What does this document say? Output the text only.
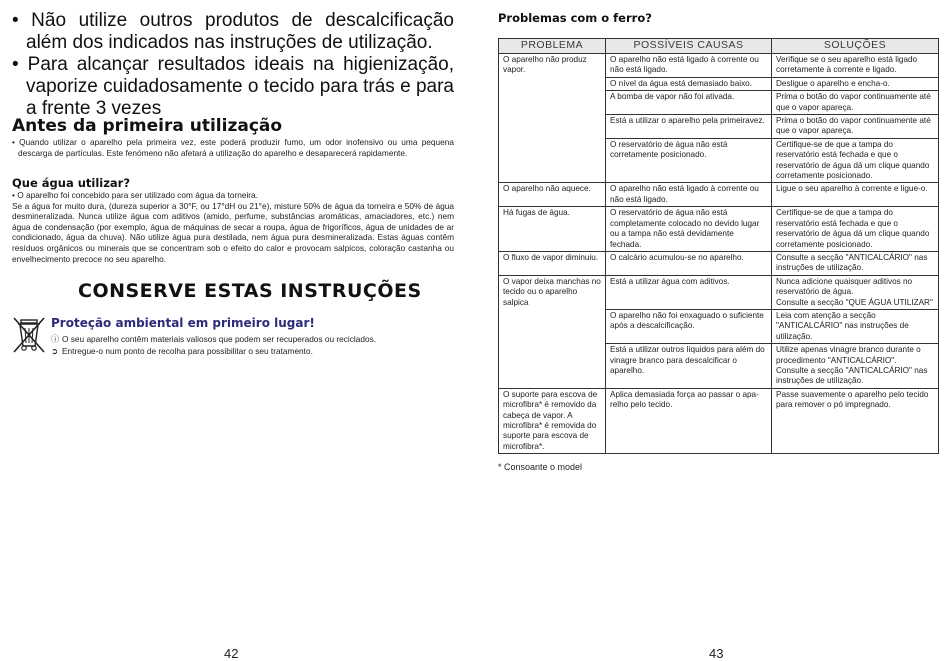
• Não utilize outros produtos de descalcificação além dos indicados nas instruções de utilização.

• Para alcançar resultados ideais na higienização, vaporize cuidadosamente o tecido para trás e para a frente 3 vezes

Antes da primeira utilização

• Quando utilizar o aparelho pela primeira vez, este poderá produzir fumo, um odor inofensivo ou uma pequena descarga de partículas. Este fenómeno não afetará a utilização do aparelho e desaparecerá rapidamente.

Que água utilizar?

• O aparelho foi concebido para ser utilizado com água da torneira.

Se a água for muito dura, (dureza superior a 30°F, ou 17°dH ou 21°e), misture 50% de água da torneira e 50% de água desmineralizada. Nunca utilize água com aditivos (amido, perfume, substâncias aromáticas, amaciadores, etc.) nem água de condensação (por exemplo, água de máquinas de secar a roupa, água de frigoríficos, água de unidades de ar condicionado, água da chuva). Não utilize água pura destilada, nem água pura desmineralizada. Estas águas contêm resíduos orgânicos ou minerais que se concentram sob o efeito do calor e provocam salpicos, coloração castanha ou envelhecimento precoce no seu aparelho.

CONSERVE ESTAS INSTRUÇÕES

Proteção ambiental em primeiro lugar!

ⓘ O seu aparelho contêm materiais valiosos que podem ser recuperados ou reciclados.

➲ Entregue-o num ponto de recolha para possibilitar o seu tratamento.

42

Problemas com o ferro?
PROBLEMA	POSSÍVEIS CAUSAS	SOLUÇÕES
O aparelho não produz vapor.	O aparelho não está ligado à corrente ou não está ligado.	Verifique se o seu aparelho está ligado corretamente à corrente e ligado.
	O nível da água está demasiado baixo.	Desligue o aparelho e encha-o.
	A bomba de vapor não foi ativada.	Prima o botão do vapor continuamente até que o vapor apareça.
	Está a utilizar o aparelho pela primeiravez.	Prima o botão do vapor continuamente até que o vapor apareça.
	O reservatório de água não está corretamente posicionado.	Certifique-se de que a tampa do reservatório está fechada e que o reservatório de água dá um clique quando corretamente posicionado.
O aparelho não aquece.	O aparelho não está ligado à corrente ou não está ligado.	Ligue o seu aparelho à corrente e ligue-o.
Há fugas de água.	O reservatório de água não está completamente colocado no devido lugar ou a tampa não está devidamente fechada.	Certifique-se de que a tampa do reservatório está fechada e que o reservatório de água dá um clique quando corretamente posicionado.
O fluxo de vapor diminuiu.	O calcário acumulou-se no aparelho.	Consulte a secção "ANTICALCÁRIO" nas instruções de utilização.
O vapor deixa manchas no tecido ou o aparelho salpica	Está a utilizar água com aditivos.	Nunca adicione quaisquer aditivos no reservatório de água.
Consulte a secção "QUE ÁGUA UTILIZAR"
	O aparelho não foi enxaguado o suficiente após a descalcificação.	Leia com atenção a secção "ANTICALCÁRIO" nas instruções de utilização.
	Está a utilizar outros líquidos para além do vinagre branco para descalcificar o aparelho.	Utilize apenas vinagre branco durante o procedimento "ANTICALCÁRIO".
Consulte a secção "ANTICALCÁRIO" nas instruções de utilização.
O suporte para escova de microfibra* é removido da cabeça de vapor. A microfibra* é removida do suporte para escova de microfibra*.	Aplica demasiada força ao passar o apa-relho pelo tecido.	Passe suavemente o aparelho pelo tecido para remover o pó impregnado.

* Consoante o model

43
